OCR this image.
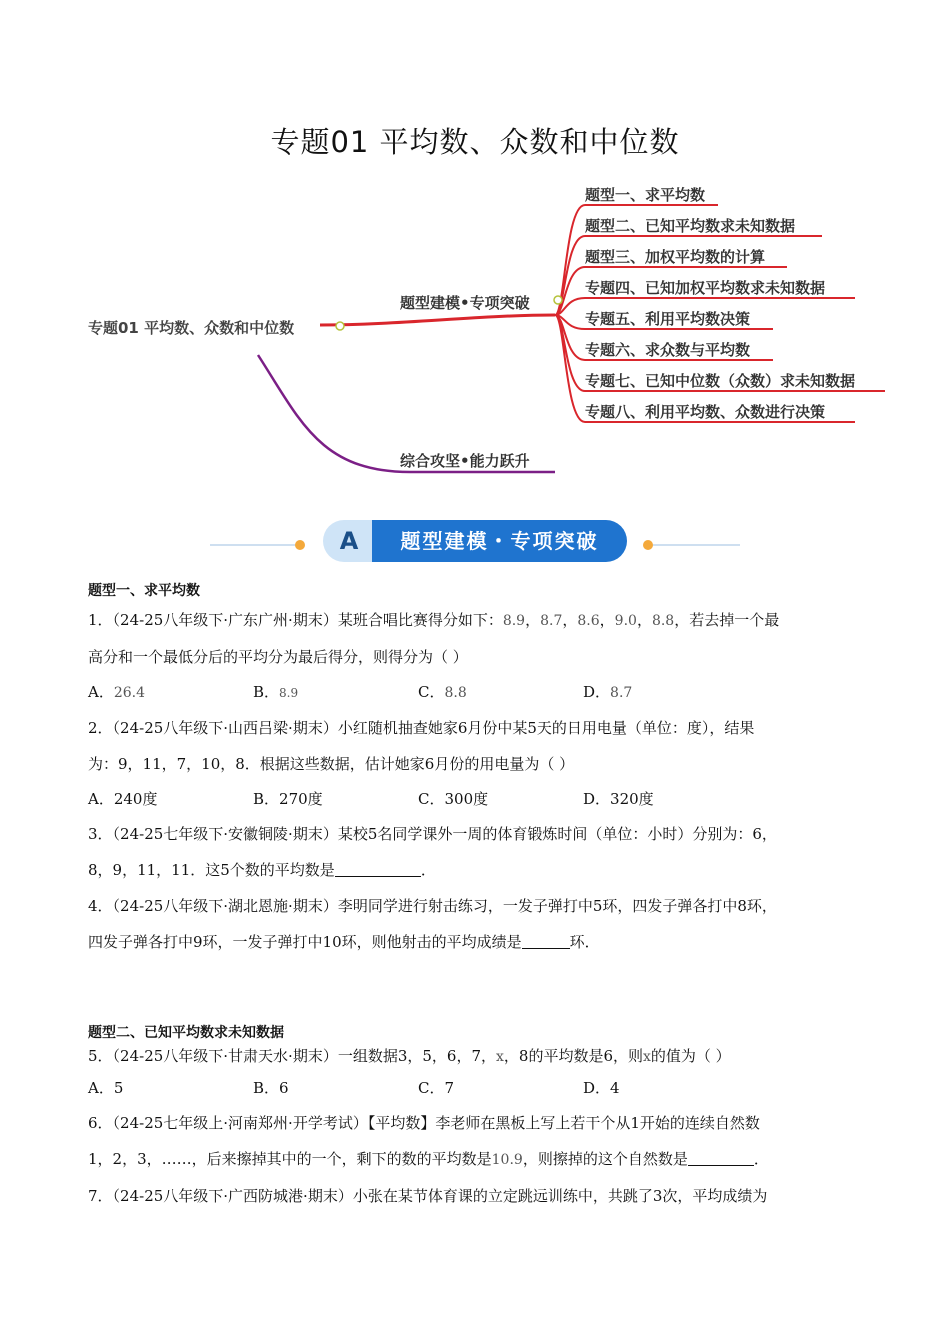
专题01 平均数、众数和中位数
专题01 平均数、众数和中位数
题型建模•专项突破
综合攻坚•能力跃升
题型一、求平均数
题型二、已知平均数求未知数据
题型三、加权平均数的计算
专题四、已知加权平均数求未知数据
专题五、利用平均数决策
专题六、求众数与平均数
专题七、已知中位数（众数）求未知数据
专题八、利用平均数、众数进行决策
A	题型建模・专项突破

题型一、求平均数

1．（24-25八年级下·广东广州·期末）某班合唱比赛得分如下：8.9，8.7，8.6，9.0，8.8，若去掉一个最

高分和一个最低分后的平均分为最后得分，则得分为（ ）

A．26.4	B．8.9	C．8.8	D．8.7

2．（24-25八年级下·山西吕梁·期末）小红随机抽查她家6月份中某5天的日用电量（单位：度），结果

为：9，11，7，10，8．根据这些数据，估计她家6月份的用电量为（ ）

A．240度	B．270度	C．300度	D．320度

3．（24-25七年级下·安徽铜陵·期末）某校5名同学课外一周的体育锻炼时间（单位：小时）分别为：6，

8，9，11，11．这5个数的平均数是	．

4．（24-25八年级下·湖北恩施·期末）李明同学进行射击练习，一发子弹打中5环，四发子弹各打中8环，

四发子弹各打中9环，一发子弹打中10环，则他射击的平均成绩是	环．

题型二、已知平均数求未知数据

5．（24-25八年级下·甘肃天水·期末）一组数据3，5，6，7，x，8的平均数是6，则x的值为（ ）

A．5	B．6	C．7	D．4

6．（24-25七年级上·河南郑州·开学考试）【平均数】李老师在黑板上写上若干个从1开始的连续自然数

1，2，3，……，后来擦掉其中的一个，剩下的数的平均数是10.9，则擦掉的这个自然数是	．

7．（24-25八年级下·广西防城港·期末）小张在某节体育课的立定跳远训练中，共跳了3次，平均成绩为
